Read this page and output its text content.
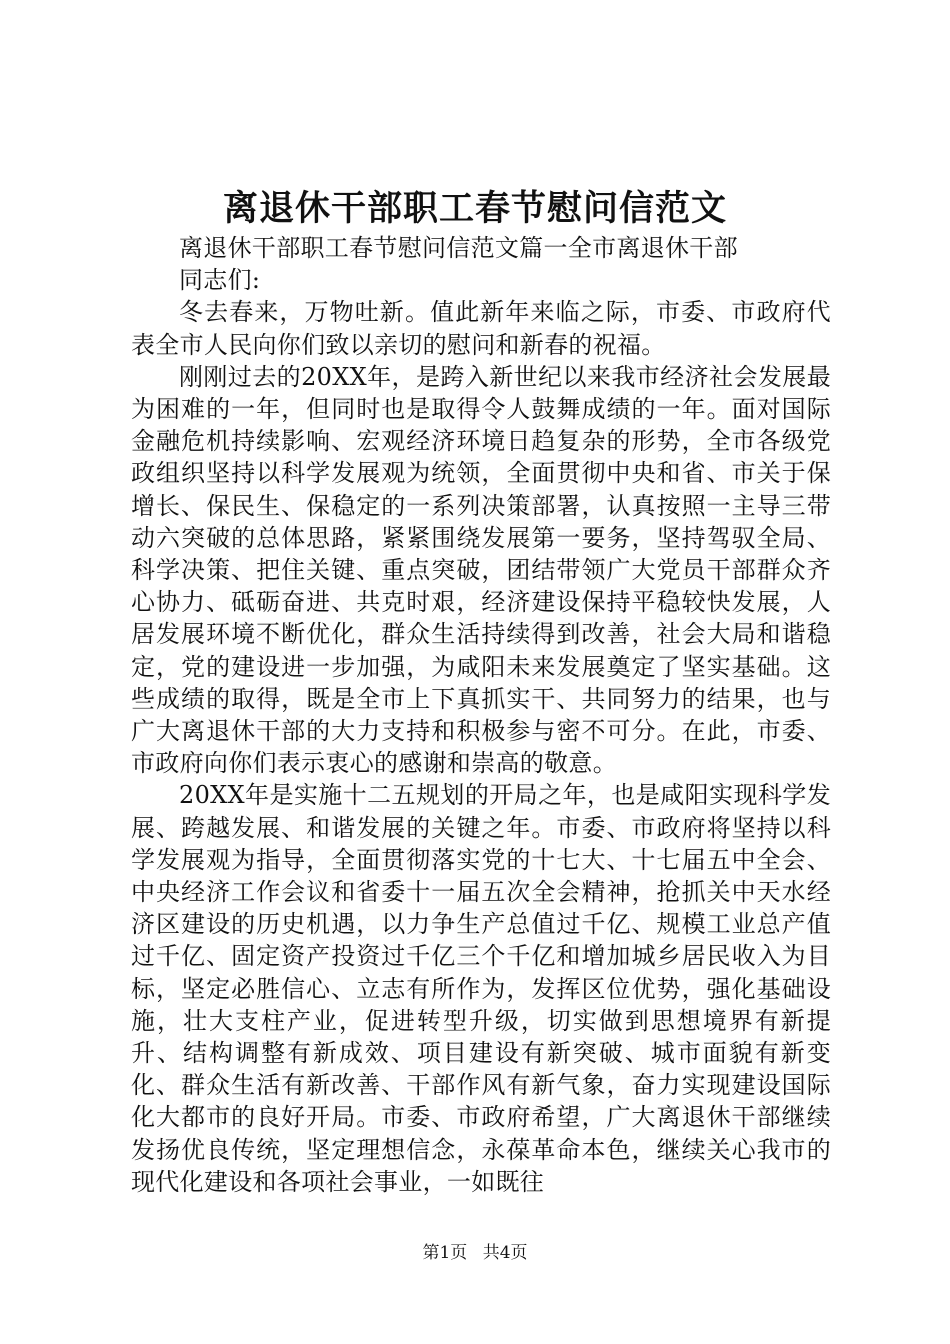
离退休干部职工春节慰问信范文

离退休干部职工春节慰问信范文篇一全市离退休干部

同志们:

冬去春来，万物吐新。值此新年来临之际，市委、市政府代表全市人民向你们致以亲切的慰问和新春的祝福。

刚刚过去的20XX年，是跨入新世纪以来我市经济社会发展最为困难的一年，但同时也是取得令人鼓舞成绩的一年。面对国际金融危机持续影响、宏观经济环境日趋复杂的形势，全市各级党政组织坚持以科学发展观为统领，全面贯彻中央和省、市关于保增长、保民生、保稳定的一系列决策部署，认真按照一主导三带动六突破的总体思路，紧紧围绕发展第一要务，坚持驾驭全局、科学决策、把住关键、重点突破，团结带领广大党员干部群众齐心协力、砥砺奋进、共克时艰，经济建设保持平稳较快发展，人居发展环境不断优化，群众生活持续得到改善，社会大局和谐稳定，党的建设进一步加强，为咸阳未来发展奠定了坚实基础。这些成绩的取得，既是全市上下真抓实干、共同努力的结果，也与广大离退休干部的大力支持和积极参与密不可分。在此，市委、市政府向你们表示衷心的感谢和崇高的敬意。

20XX年是实施十二五规划的开局之年，也是咸阳实现科学发展、跨越发展、和谐发展的关键之年。市委、市政府将坚持以科学发展观为指导，全面贯彻落实党的十七大、十七届五中全会、中央经济工作会议和省委十一届五次全会精神，抢抓关中天水经济区建设的历史机遇，以力争生产总值过千亿、规模工业总产值过千亿、固定资产投资过千亿三个千亿和增加城乡居民收入为目标，坚定必胜信心、立志有所作为，发挥区位优势，强化基础设施，壮大支柱产业，促进转型升级，切实做到思想境界有新提升、结构调整有新成效、项目建设有新突破、城市面貌有新变化、群众生活有新改善、干部作风有新气象，奋力实现建设国际化大都市的良好开局。市委、市政府希望，广大离退休干部继续发扬优良传统，坚定理想信念，永葆革命本色，继续关心我市的现代化建设和各项社会事业，一如既往

第1页 共4页
